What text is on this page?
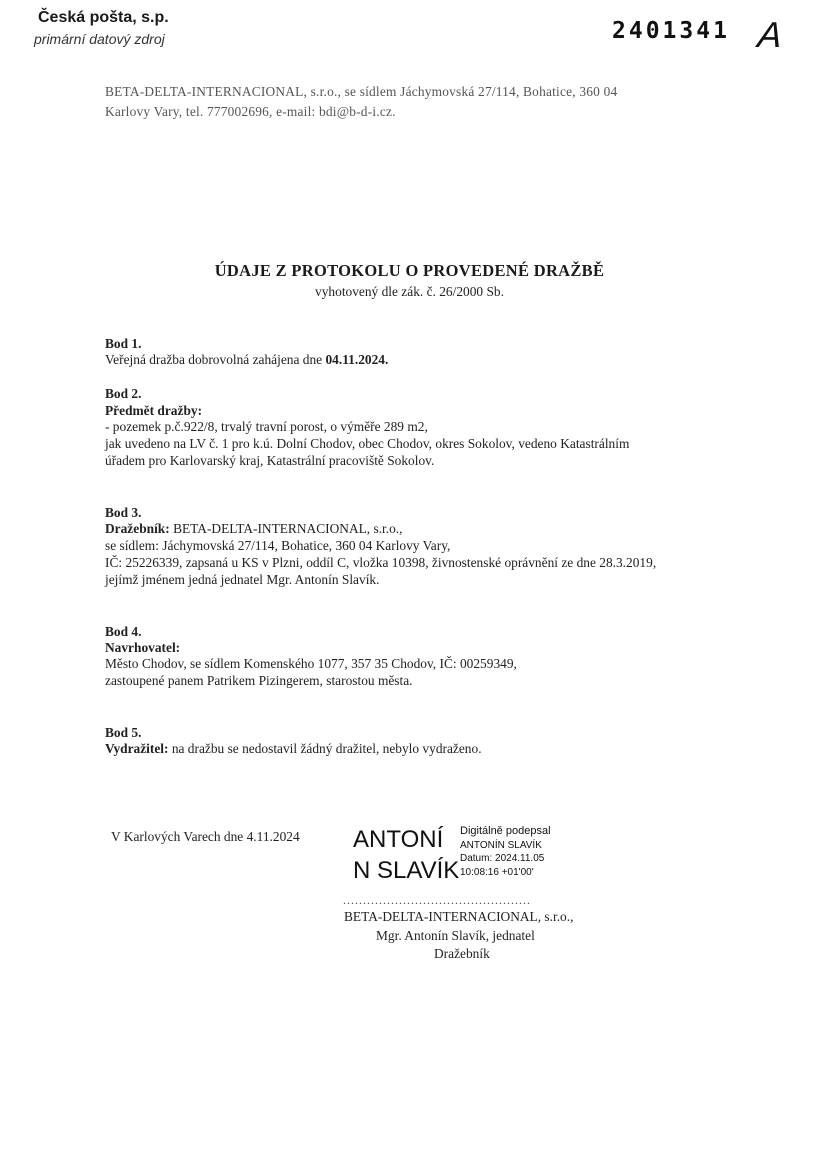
Česká pošta, s.p.
primární datový zdroj	2401341 A
BETA-DELTA-INTERNACIONAL, s.r.o., se sídlem Jáchymovská 27/114, Bohatice, 360 04
Karlovy Vary, tel. 777002696, e-mail: bdi@b-d-i.cz.
ÚDAJE Z PROTOKOLU O PROVEDENÉ DRAŽBĚ
vyhotovený dle zák. č. 26/2000 Sb.
Bod 1.
Veřejná dražba dobrovolná zahájena dne 04.11.2024.
Bod 2.
Předmět dražby:
- pozemek p.č.922/8, trvalý travní porost, o výměře 289 m2,
jak uvedeno na LV č. 1 pro k.ú. Dolní Chodov, obec Chodov, okres Sokolov, vedeno Katastrálním
úřadem pro Karlovarský kraj, Katastrální pracoviště Sokolov.
Bod 3.
Dražebník: BETA-DELTA-INTERNACIONAL, s.r.o.,
se sídlem: Jáchymovská 27/114, Bohatice, 360 04 Karlovy Vary,
IČ: 25226339, zapsaná u KS v Plzni, oddíl C, vložka 10398, živnostenské oprávnění ze dne 28.3.2019,
jejímž jménem jedná jednatel Mgr. Antonín Slavík.
Bod 4.
Navrhovatel:
Město Chodov, se sídlem Komenského 1077, 357 35 Chodov, IČ: 00259349,
zastoupené panem Patrikem Pizingerem, starostou města.
Bod 5.
Vydražitel: na dražbu se nedostavil žádný dražitel, nebylo vydraženo.
V Karlových Varech dne 4.11.2024 ANTONÍ
N SLAVÍK
Digitálně podepsal
ANTONÍN SLAVÍK
Datum: 2024.11.05
10:08:16 +01'00'
...............................................
BETA-DELTA-INTERNACIONAL, s.r.o.,
Mgr. Antonín Slavík, jednatel
Dražebník
